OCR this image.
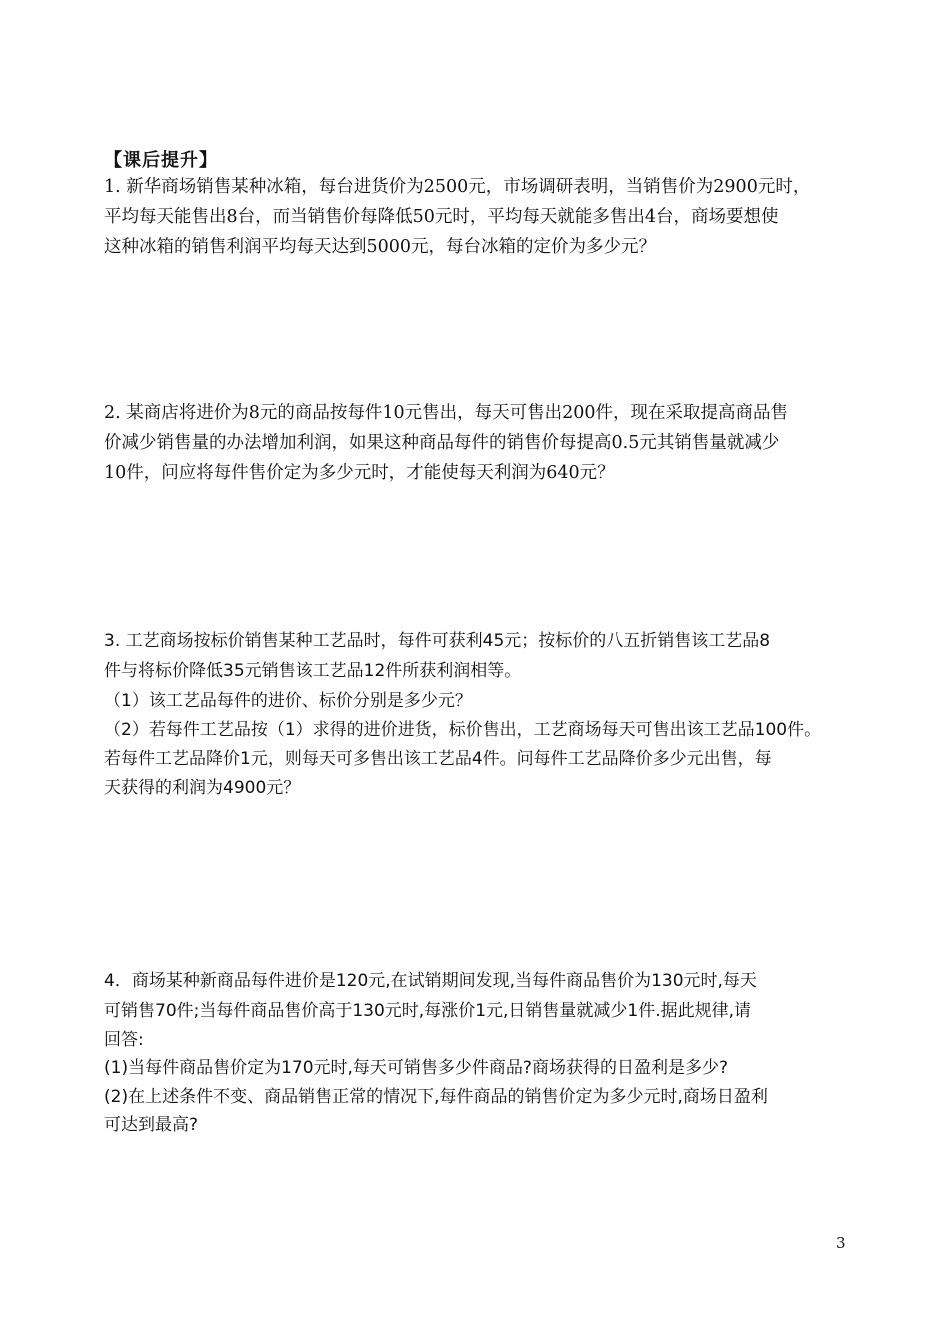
【课后提升】
1. 新华商场销售某种冰箱，每台进货价为2500元，市场调研表明，当销售价为2900元时，
平均每天能售出8台，而当销售价每降低50元时，平均每天就能多售出4台，商场要想使
这种冰箱的销售利润平均每天达到5000元，每台冰箱的定价为多少元？
2. 某商店将进价为8元的商品按每件10元售出，每天可售出200件，现在采取提高商品售
价减少销售量的办法增加利润，如果这种商品每件的销售价每提高0.5元其销售量就减少
10件，问应将每件售价定为多少元时，才能使每天利润为640元？
3. 工艺商场按标价销售某种工艺品时，每件可获利45元；按标价的八五折销售该工艺品8
件与将标价降低35元销售该工艺品12件所获利润相等。
（1）该工艺品每件的进价、标价分别是多少元？
（2）若每件工艺品按（1）求得的进价进货，标价售出，工艺商场每天可售出该工艺品100件。
若每件工艺品降价1元，则每天可多售出该工艺品4件。问每件工艺品降价多少元出售，每
天获得的利润为4900元？
4．商场某种新商品每件进价是120元,在试销期间发现,当每件商品售价为130元时,每天
可销售70件;当每件商品售价高于130元时,每涨价1元,日销售量就减少1件.据此规律,请
回答:
(1)当每件商品售价定为170元时,每天可销售多少件商品?商场获得的日盈利是多少?
(2)在上述条件不变、商品销售正常的情况下,每件商品的销售价定为多少元时,商场日盈利
可达到最高?
3
